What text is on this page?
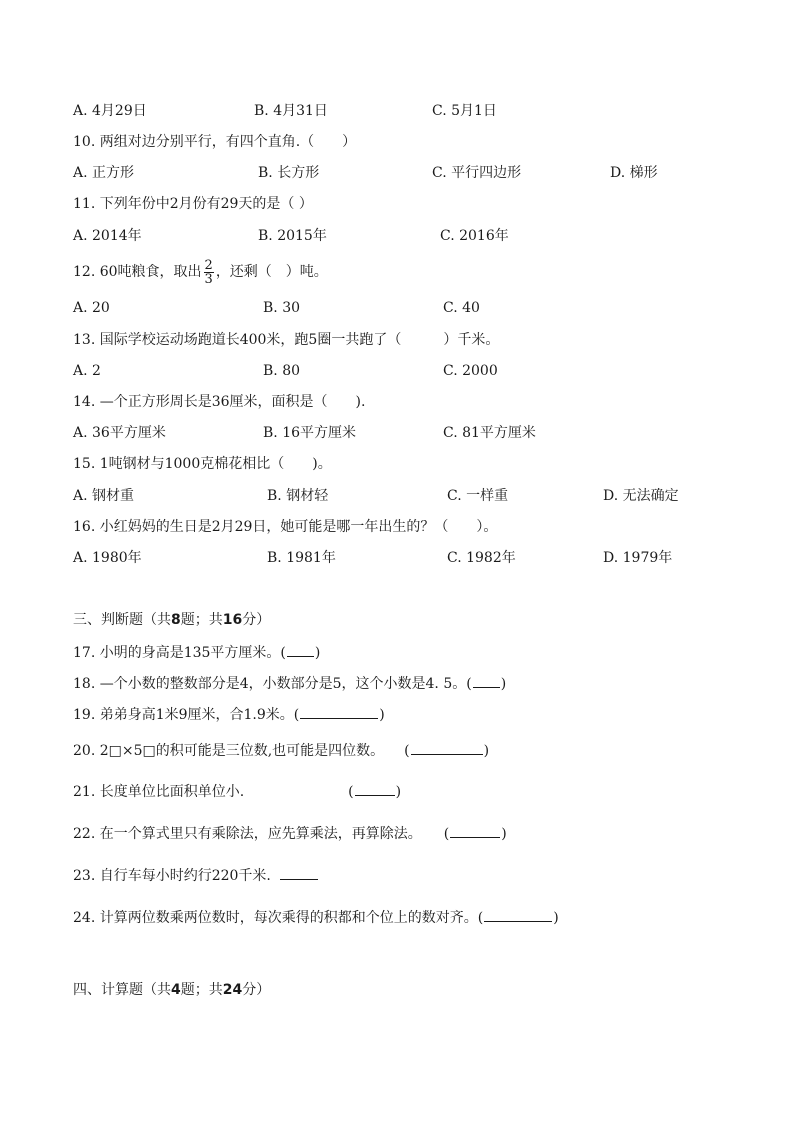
A. 4月29日	B. 4月31日	C. 5月1日
10. 两组对边分别平行，有四个直角.（　　）
A. 正方形	B. 长方形	C. 平行四边形	D. 梯形
11. 下列年份中2月份有29天的是（ ）
A. 2014年	B. 2015年	C. 2016年
12. 60吨粮食，取出 $\frac{2}{3}$ ，还剩（　）吨。
A. 20	B. 30	C. 40
13. 国际学校运动场跑道长400米，跑5圈一共跑了（　　　）千米。
A. 2	B. 80	C. 2000
14. —个正方形周长是36厘米，面积是（　　).
A. 36平方厘米	B. 16平方厘米	C. 81平方厘米
15. 1吨钢材与1000克棉花相比（　　)。
A. 钢材重	B. 钢材轻	C. 一样重	D. 无法确定
16. 小红妈妈的生日是2月29日，她可能是哪一年出生的？（　　）。
A. 1980年	B. 1981年	C. 1982年	D. 1979年
三、判断题（共8题；共16分）
17. 小明的身高是135平方厘米。( )
18. —个小数的整数部分是4，小数部分是5，这个小数是4. 5。( )
19. 弟弟身高1米9厘米，合1.9米。(	)
20. 2□×5□的积可能是三位数,也可能是四位数。 (	)
21. 长度单位比面积单位小.	(	)
22. 在一个算式里只有乘除法，应先算乘法，再算除法。 (	)
23. 自行车每小时约行220千米.
24. 计算两位数乘两位数时，每次乘得的积都和个位上的数对齐。(	)
四、计算题（共4题；共24分）
